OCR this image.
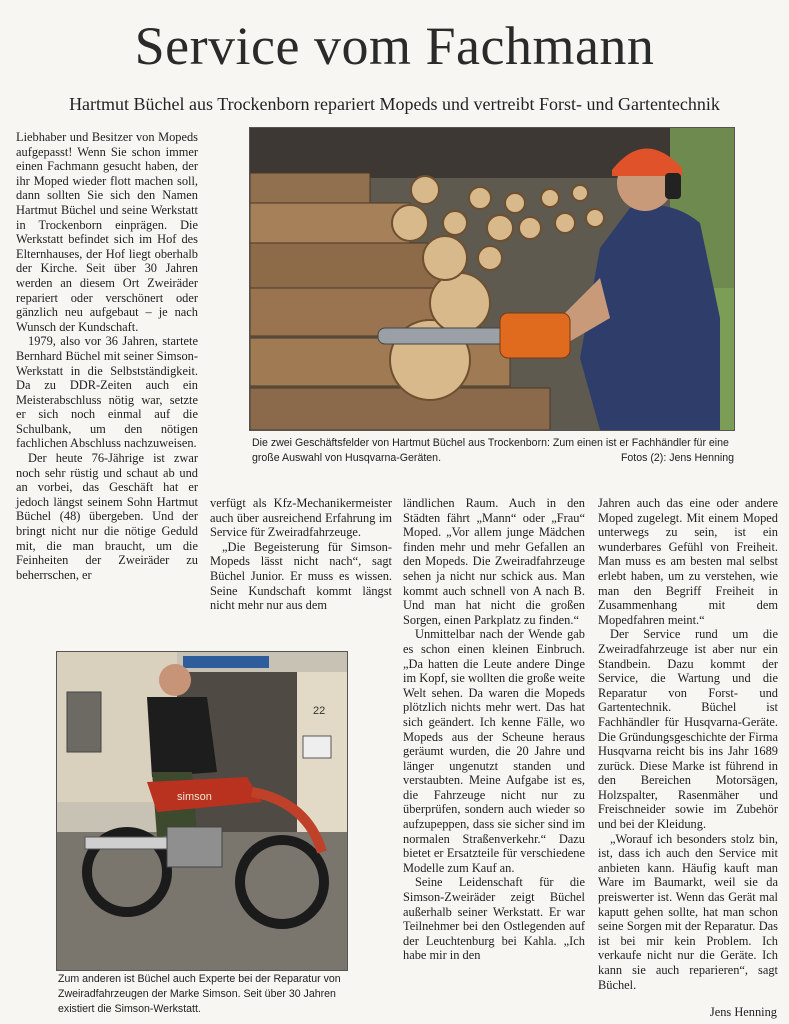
Service vom Fachmann
Hartmut Büchel aus Trockenborn repariert Mopeds und vertreibt Forst- und Gartentechnik

Liebhaber und Besitzer von Mopeds aufgepasst! Wenn Sie schon immer einen Fachmann gesucht haben, der ihr Moped wieder flott machen soll, dann sollten Sie sich den Namen Hartmut Büchel und seine Werkstatt in Trockenborn einprägen. Die Werkstatt befindet sich im Hof des Elternhauses, der Hof liegt oberhalb der Kirche. Seit über 30 Jahren werden an diesem Ort Zweiräder repariert oder verschönert oder gänzlich neu aufgebaut – je nach Wunsch der Kundschaft.

1979, also vor 36 Jahren, startete Bernhard Büchel mit seiner Simson-Werkstatt in die Selbstständigkeit. Da zu DDR-Zeiten auch ein Meisterabschluss nötig war, setzte er sich noch einmal auf die Schulbank, um den nötigen fachlichen Abschluss nachzuweisen.

Der heute 76-Jährige ist zwar noch sehr rüstig und schaut ab und an vorbei, das Geschäft hat er jedoch längst seinem Sohn Hartmut Büchel (48) übergeben. Und der bringt nicht nur die nötige Geduld mit, die man braucht, um die Feinheiten der Zweiräder zu beherrschen, er

Die zwei Geschäftsfelder von Hartmut Büchel aus Trockenborn: Zum einen ist er Fachhändler für eine große Auswahl von Husqvarna-Geräten.	Fotos (2): Jens Henning

verfügt als Kfz-Mechanikermeister auch über ausreichend Erfahrung im Service für Zweiradfahrzeuge.

„Die Begeisterung für Simson-Mopeds lässt nicht nach“, sagt Büchel Junior. Er muss es wissen. Seine Kundschaft kommt längst nicht mehr nur aus dem

ländlichen Raum. Auch in den Städten fährt „Mann“ oder „Frau“ Moped. „Vor allem junge Mädchen finden mehr und mehr Gefallen an den Mopeds. Die Zweiradfahrzeuge sehen ja nicht nur schick aus. Man kommt auch schnell von A nach B. Und man hat nicht die großen Sorgen, einen Parkplatz zu finden.“

Unmittelbar nach der Wende gab es schon einen kleinen Einbruch. „Da hatten die Leute andere Dinge im Kopf, sie wollten die große weite Welt sehen. Da waren die Mopeds plötzlich nichts mehr wert. Das hat sich geändert. Ich kenne Fälle, wo Mopeds aus der Scheune heraus geräumt wurden, die 20 Jahre und länger ungenutzt standen und verstaubten. Meine Aufgabe ist es, die Fahrzeuge nicht nur zu überprüfen, sondern auch wieder so aufzupeppen, dass sie sicher sind im normalen Straßenverkehr.“ Dazu bietet er Ersatzteile für verschiedene Modelle zum Kauf an.

Seine Leidenschaft für die Simson-Zweiräder zeigt Büchel außerhalb seiner Werkstatt. Er war Teilnehmer bei den Ostlegenden auf der Leuchtenburg bei Kahla. „Ich habe mir in den

Jahren auch das eine oder andere Moped zugelegt. Mit einem Moped unterwegs zu sein, ist ein wunderbares Gefühl von Freiheit. Man muss es am besten mal selbst erlebt haben, um zu verstehen, wie man den Begriff Freiheit in Zusammenhang mit dem Mopedfahren meint.“

Der Service rund um die Zweiradfahrzeuge ist aber nur ein Standbein. Dazu kommt der Service, die Wartung und die Reparatur von Forst- und Gartentechnik. Büchel ist Fachhändler für Husqvarna-Geräte. Die Gründungsgeschichte der Firma Husqvarna reicht bis ins Jahr 1689 zurück. Diese Marke ist führend in den Bereichen Motorsägen, Holzspalter, Rasenmäher und Freischneider sowie im Zubehör und bei der Kleidung.

„Worauf ich besonders stolz bin, ist, dass ich auch den Service mit anbieten kann. Häufig kauft man Ware im Baumarkt, weil sie da preiswerter ist. Wenn das Gerät mal kaputt gehen sollte, hat man schon seine Sorgen mit der Reparatur. Das ist bei mir kein Problem. Ich verkaufe nicht nur die Geräte. Ich kann sie auch reparieren“, sagt Büchel.

22
simson
Zum anderen ist Büchel auch Experte bei der Reparatur von Zweiradfahrzeugen der Marke Simson. Seit über 30 Jahren existiert die Simson-Werkstatt.	Jens Henning
